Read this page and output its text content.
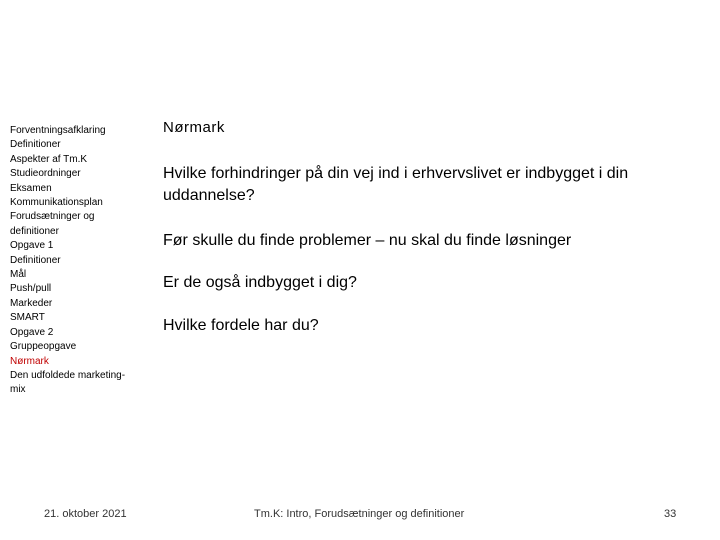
Forventningsafklaring
Definitioner
Aspekter af Tm.K
Studieordninger
Eksamen
Kommunikationsplan
Forudsætninger og definitioner
Opgave 1
Definitioner
Mål
Push/pull
Markeder
SMART
Opgave 2
Gruppeopgave
Nørmark
Den udfoldede marketing-mix
Nørmark

Hvilke forhindringer på din vej ind i erhvervslivet er indbygget i din uddannelse?

Før skulle du finde problemer – nu skal du finde løsninger

Er de også indbygget i dig?

Hvilke fordele har du?

21. oktober 2021	Tm.K: Intro, Forudsætninger og definitioner	33
